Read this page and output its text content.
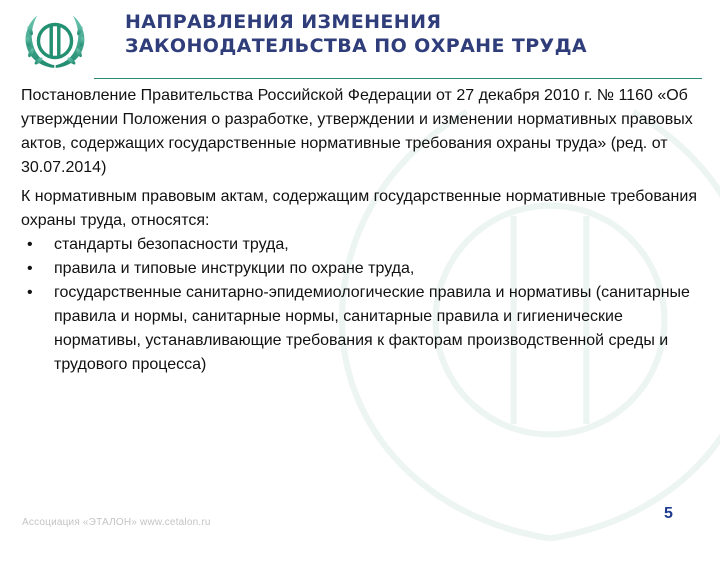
НАПРАВЛЕНИЯ ИЗМЕНЕНИЯ
ЗАКОНОДАТЕЛЬСТВА ПО ОХРАНЕ ТРУДА

Постановление Правительства Российской Федерации от 27 декабря 2010 г. № 1160 «Об утверждении Положения о разработке, утверждении и изменении нормативных правовых актов, содержащих государственные нормативные требования охраны труда» (ред. от 30.07.2014)

К нормативным правовым актам, содержащим государственные нормативные требования охраны труда, относятся:

• стандарты безопасности труда,
• правила и типовые инструкции по охране труда,
• государственные санитарно-эпидемиологические правила и нормативы (санитарные правила и нормы, санитарные нормы, санитарные правила и гигиенические нормативы, устанавливающие требования к факторам производственной среды и трудового процесса)
Ассоциация «ЭТАЛОН» www.cetalon.ru
5
